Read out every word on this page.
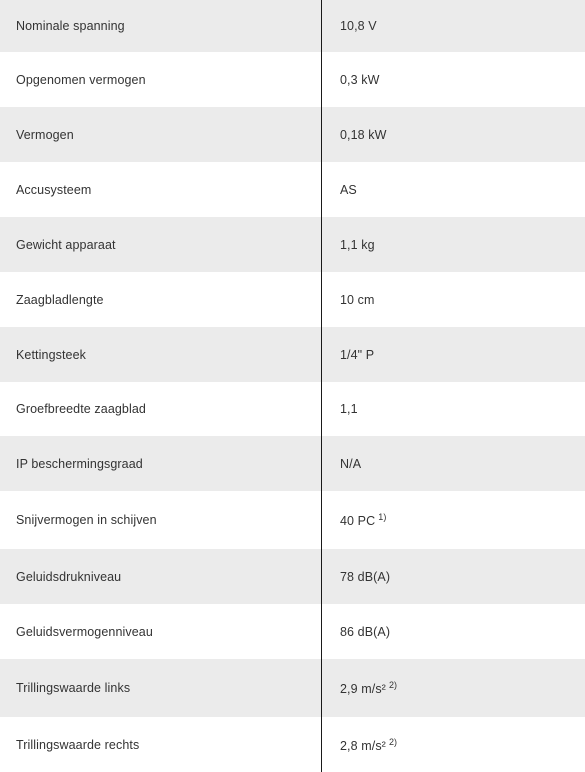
Nominale spanning	10,8 V
Opgenomen vermogen	0,3 kW
Vermogen	0,18 kW
Accusysteem	AS
Gewicht apparaat	1,1 kg
Zaagbladlengte	10 cm
Kettingsteek	1/4" P
Groefbreedte zaagblad	1,1
IP beschermingsgraad	N/A
Snijvermogen in schijven	40 PC $^{1)}$
Geluidsdrukniveau	78 dB(A)
Geluidsvermogenniveau	86 dB(A)
Trillingswaarde links	2,9 m/s² $^{2)}$
Trillingswaarde rechts	2,8 m/s² $^{2)}$
